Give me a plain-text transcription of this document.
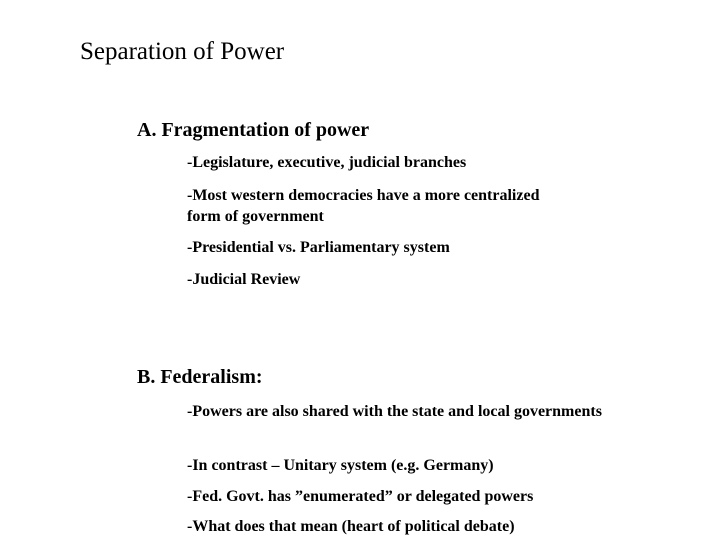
Separation of Power
A. Fragmentation of power
-Legislature, executive, judicial branches
-Most western democracies have a more centralized form of government
-Presidential vs. Parliamentary system
-Judicial Review
B. Federalism:
-Powers are also shared with the state and local governments
-In contrast – Unitary system (e.g. Germany)
-Fed. Govt. has ”enumerated” or delegated powers
-What does that mean (heart of political debate)
